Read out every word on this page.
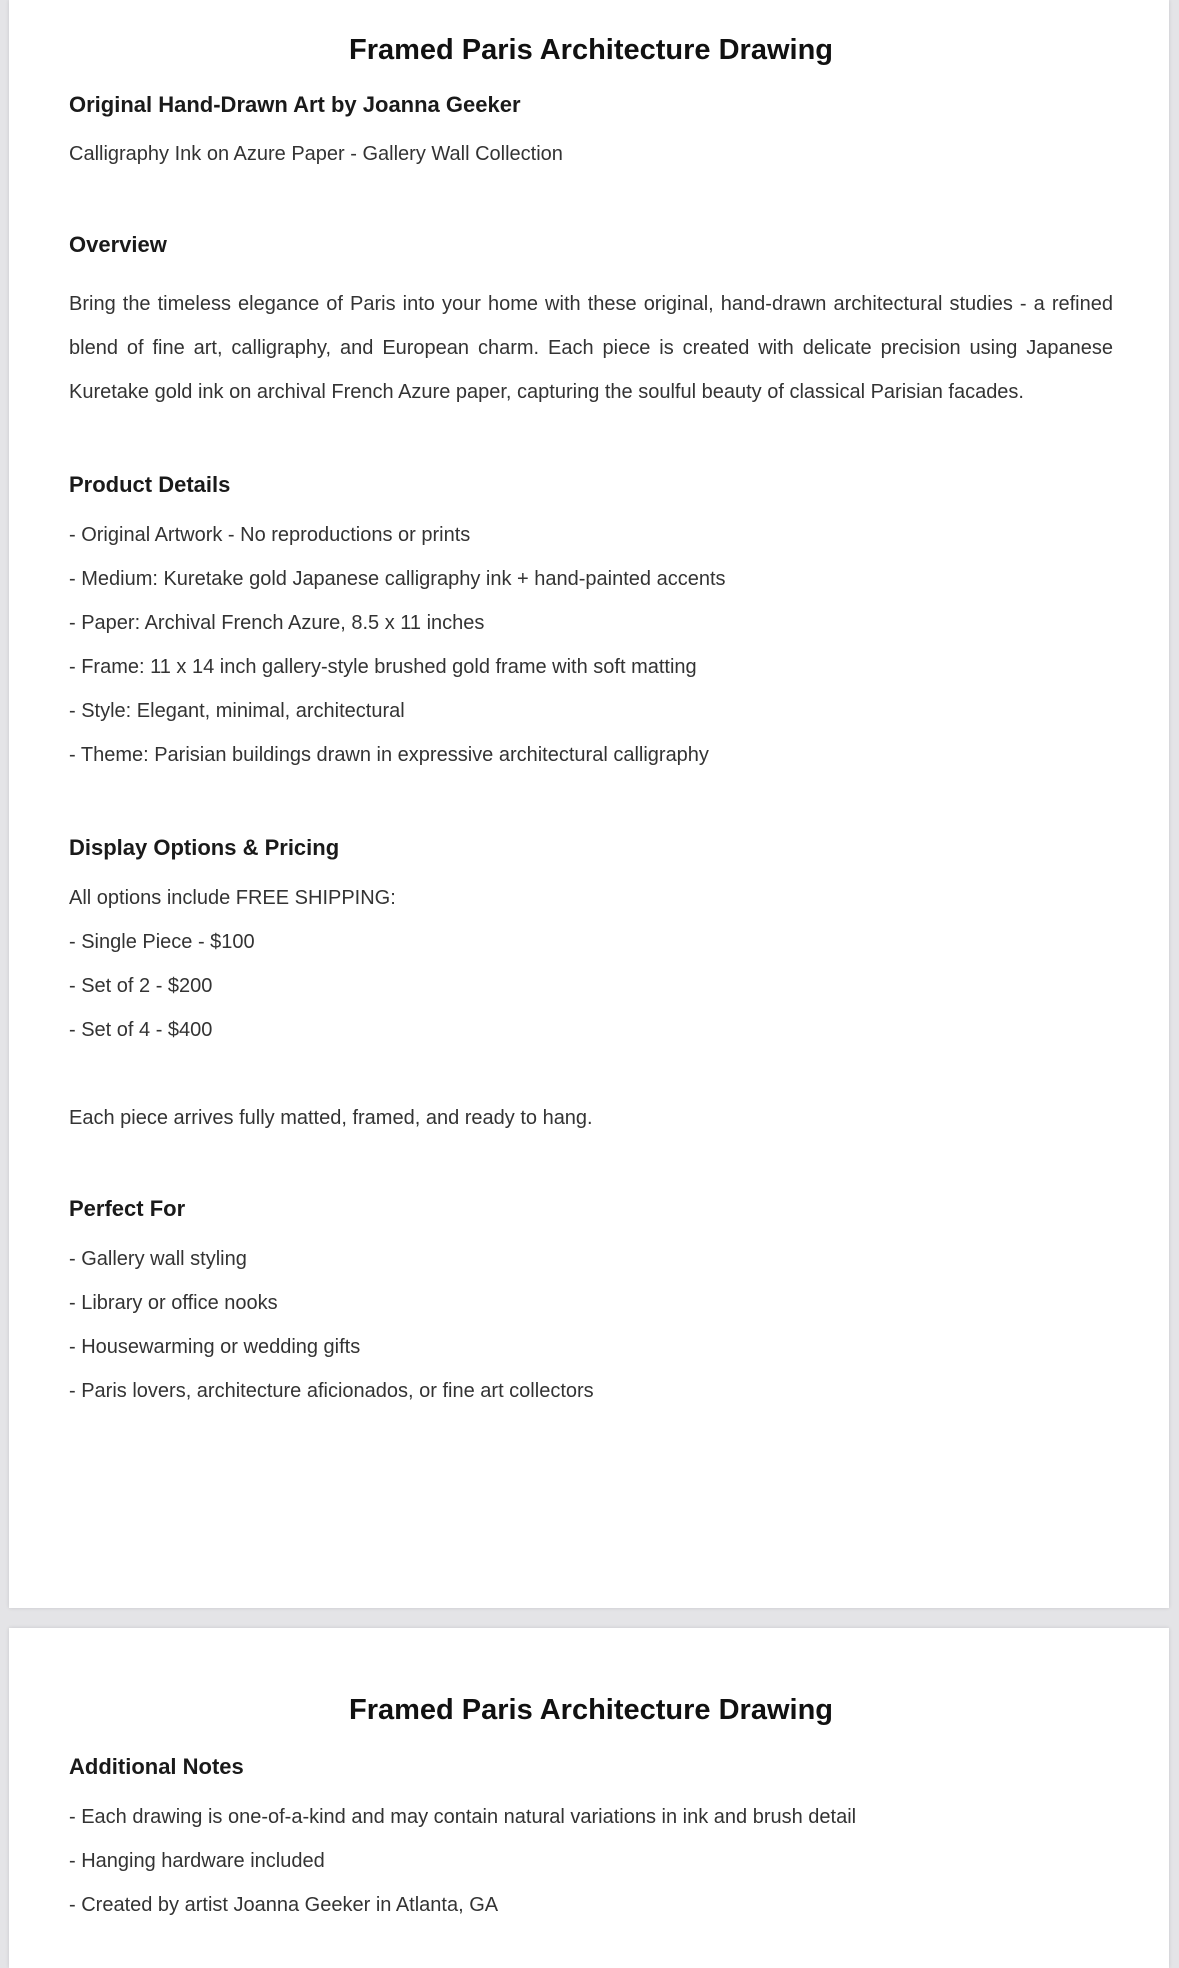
Framed Paris Architecture Drawing
Original Hand-Drawn Art by Joanna Geeker

Calligraphy Ink on Azure Paper - Gallery Wall Collection

Overview

Bring the timeless elegance of Paris into your home with these original, hand-drawn architectural studies - a refined blend of fine art, calligraphy, and European charm. Each piece is created with delicate precision using Japanese Kuretake gold ink on archival French Azure paper, capturing the soulful beauty of classical Parisian facades.

Product Details
- Original Artwork - No reproductions or prints
- Medium: Kuretake gold Japanese calligraphy ink + hand-painted accents
- Paper: Archival French Azure, 8.5 x 11 inches
- Frame: 11 x 14 inch gallery-style brushed gold frame with soft matting
- Style: Elegant, minimal, architectural
- Theme: Parisian buildings drawn in expressive architectural calligraphy
Display Options & Pricing

All options include FREE SHIPPING:

- Single Piece - $100
- Set of 2 - $200
- Set of 4 - $400

Each piece arrives fully matted, framed, and ready to hang.

Perfect For
- Gallery wall styling
- Library or office nooks
- Housewarming or wedding gifts
- Paris lovers, architecture aficionados, or fine art collectors
Framed Paris Architecture Drawing
Additional Notes
- Each drawing is one-of-a-kind and may contain natural variations in ink and brush detail
- Hanging hardware included
- Created by artist Joanna Geeker in Atlanta, GA
